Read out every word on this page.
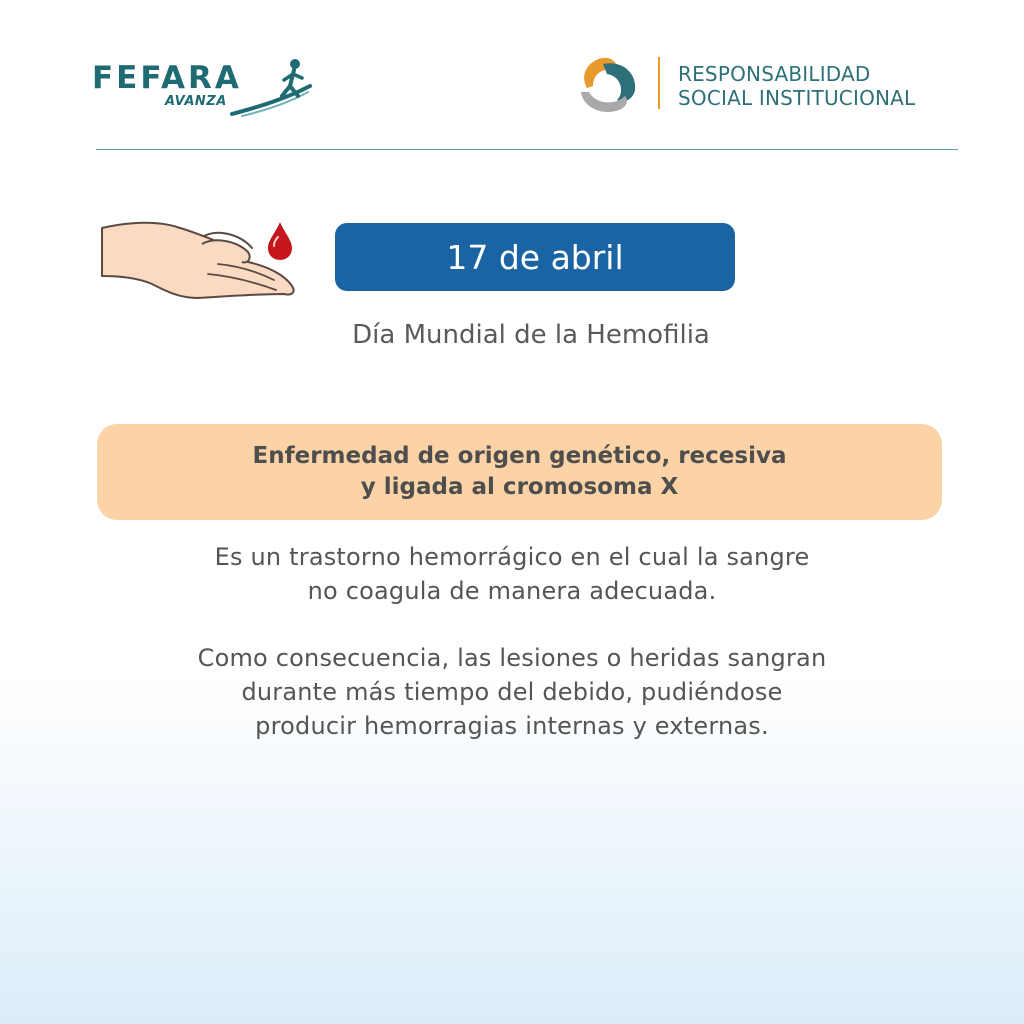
FEFARA
AVANZA
RESPONSABILIDAD
SOCIAL INSTITUCIONAL
17 de abril
Día Mundial de la Hemofilia
Enfermedad de origen genético, recesiva
y ligada al cromosoma X
Es un trastorno hemorrágico en el cual la sangre
no coagula de manera adecuada.
Como consecuencia, las lesiones o heridas sangran
durante más tiempo del debido, pudiéndose
producir hemorragias internas y externas.
